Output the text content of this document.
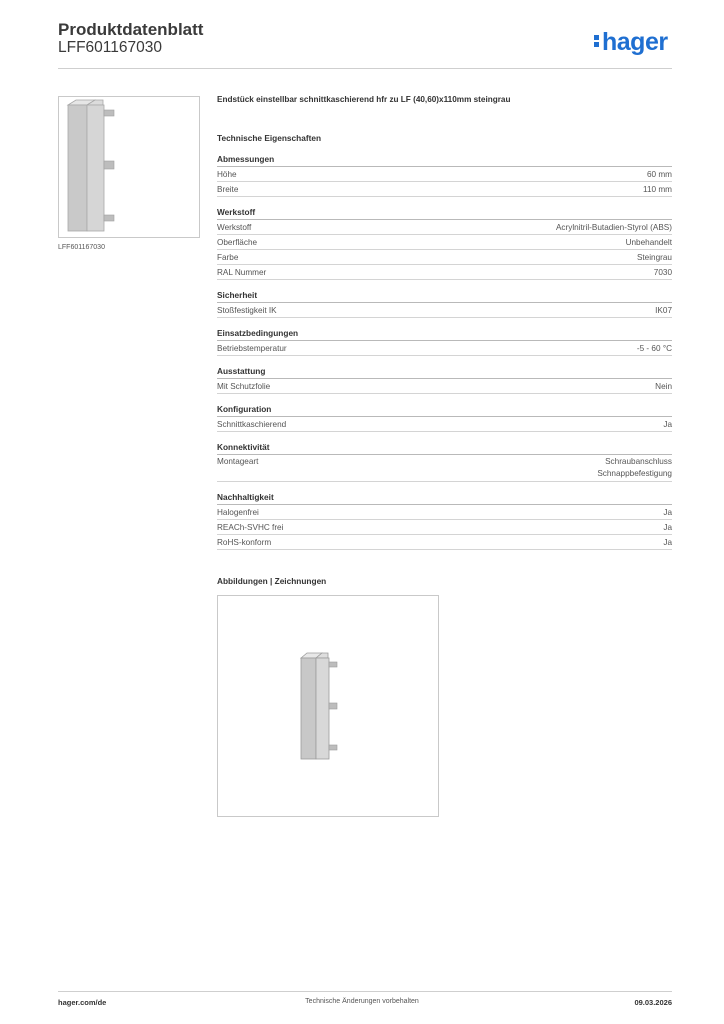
Produktdatenblatt
LFF601167030	hager
LFF601167030
Endstück einstellbar schnittkaschierend hfr zu LF (40,60)x110mm steingrau
Technische Eigenschaften
Abmessungen
Höhe	60 mm
Breite	110 mm
Werkstoff
Werkstoff	Acrylnitril-Butadien-Styrol (ABS)
Oberfläche	Unbehandelt
Farbe	Steingrau
RAL Nummer	7030
Sicherheit
Stoßfestigkeit IK	IK07
Einsatzbedingungen
Betriebstemperatur	-5 - 60 °C
Ausstattung
Mit Schutzfolie	Nein
Konfiguration
Schnittkaschierend	Ja
Konnektivität
Montageart	Schraubanschluss
Schnappbefestigung
Nachhaltigkeit
Halogenfrei	Ja
REACh-SVHC frei	Ja
RoHS-konform	Ja
Abbildungen | Zeichnungen
hager.com/de	Technische Änderungen vorbehalten	09.03.2026
